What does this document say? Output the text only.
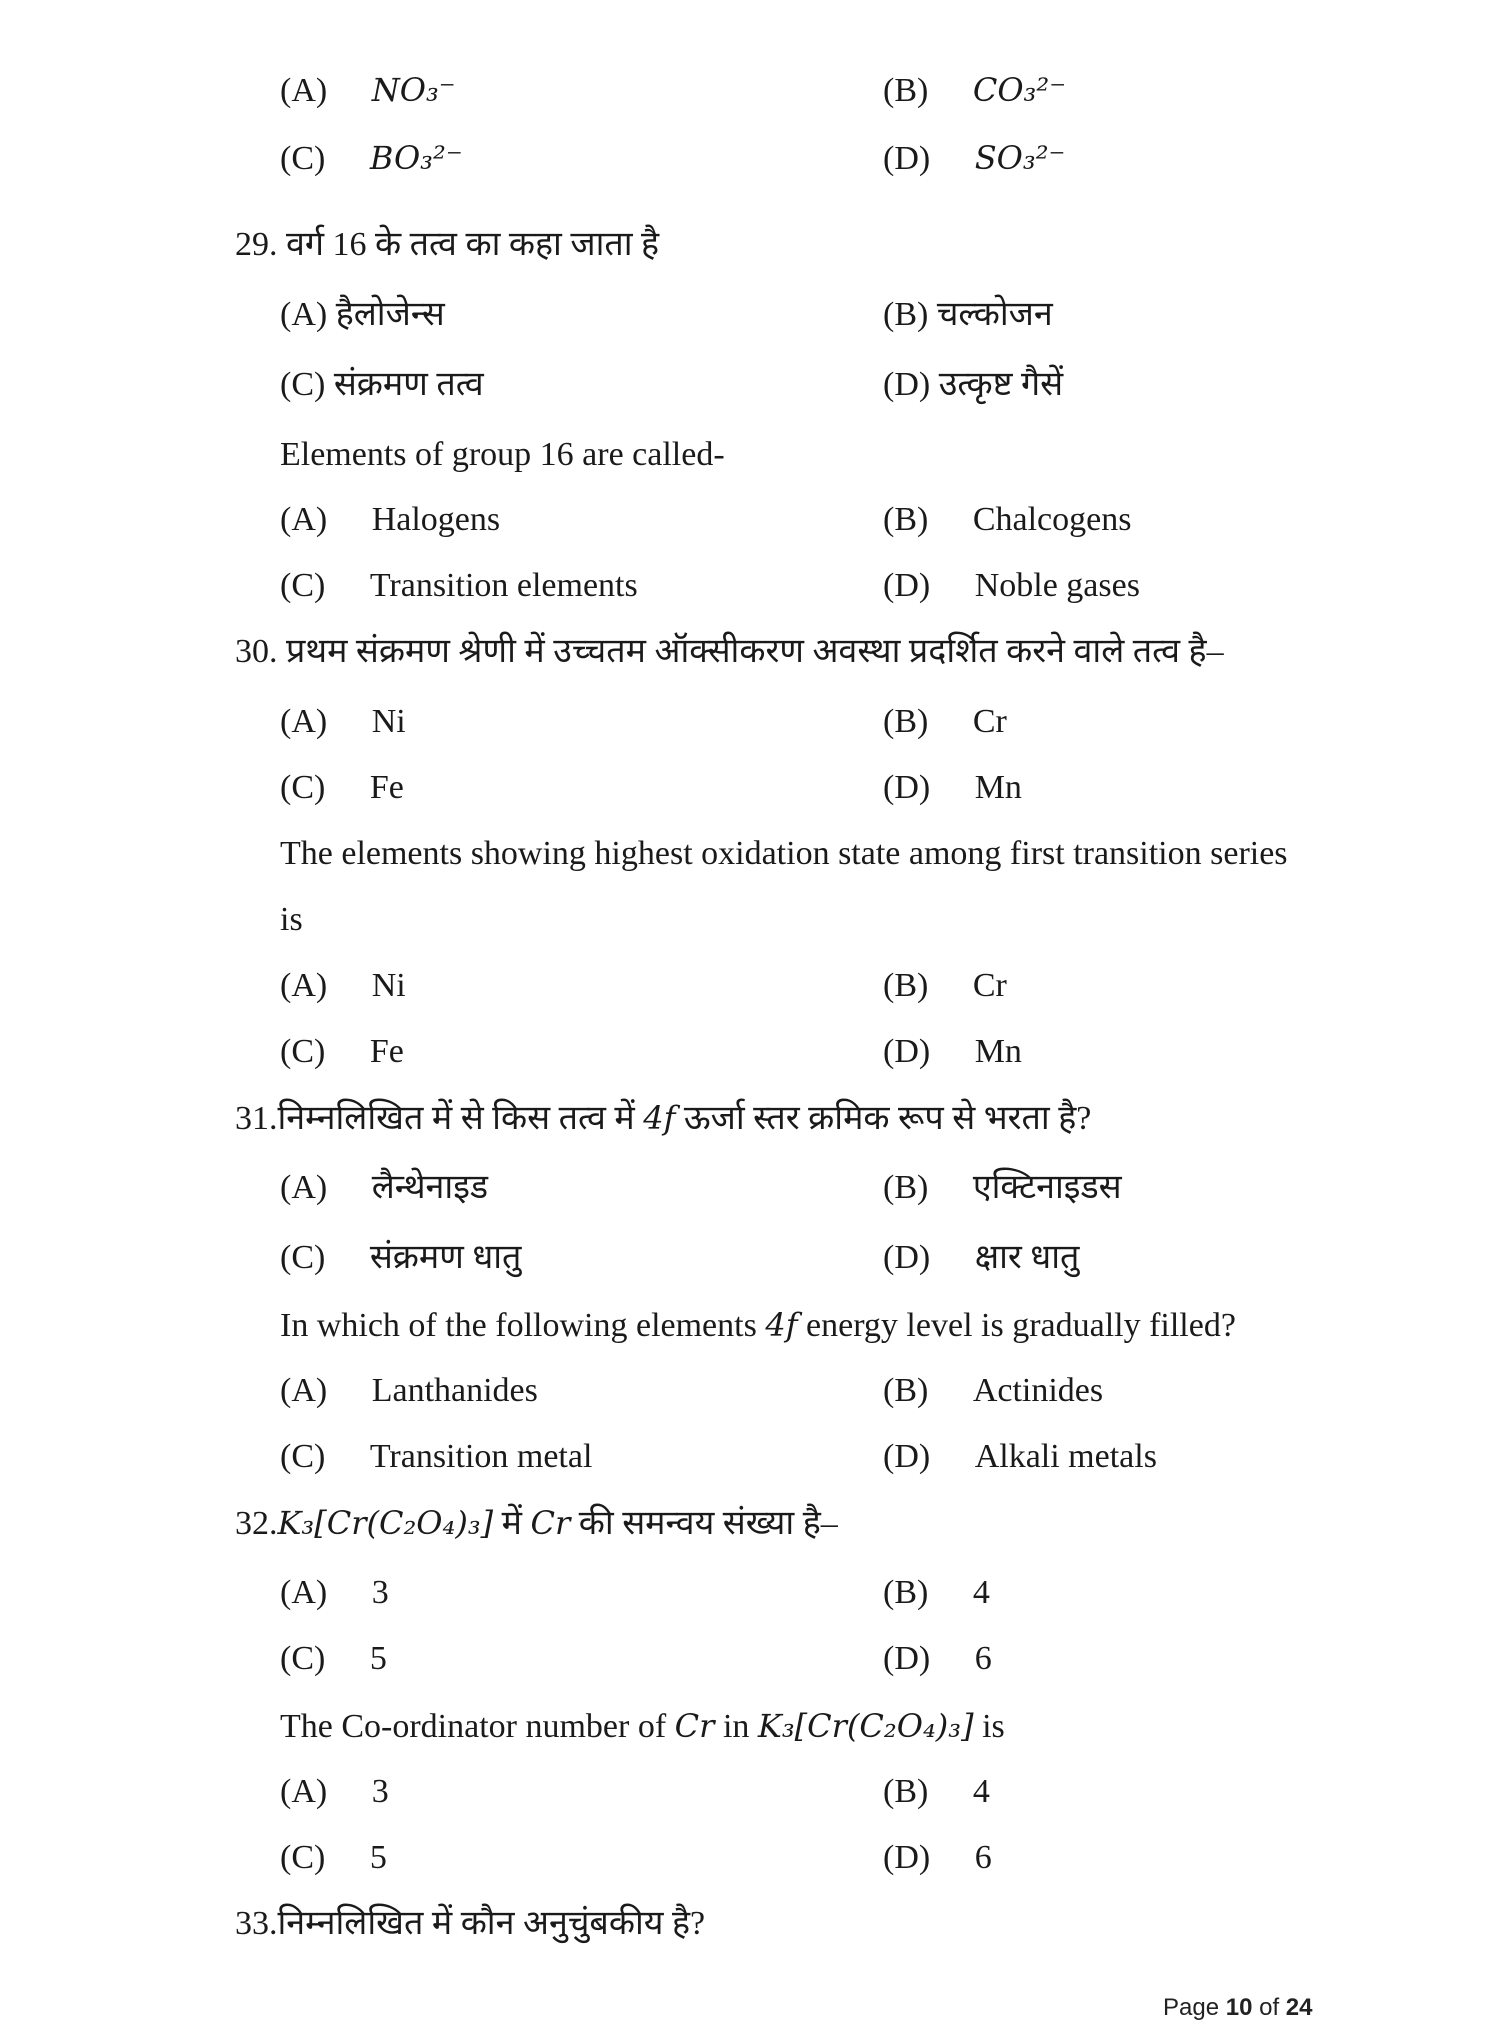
(A) NO₃⁻	(B) CO₃²⁻
(C) BO₃²⁻	(D) SO₃²⁻
29. वर्ग 16 के तत्व का कहा जाता है
(A) हैलोजेन्स	(B) चल्कोजन
(C) संक्रमण तत्व	(D) उत्कृष्ट गैसें
Elements of group 16 are called-
(A) Halogens	(B) Chalcogens
(C) Transition elements	(D) Noble gases
30. प्रथम संक्रमण श्रेणी में उच्चतम ऑक्सीकरण अवस्था प्रदर्शित करने वाले तत्व है–
(A) Ni	(B) Cr
(C) Fe	(D) Mn
The elements showing highest oxidation state among first transition series
is
(A) Ni	(B) Cr
(C) Fe	(D) Mn
31.निम्नलिखित में से किस तत्व में 4f ऊर्जा स्तर क्रमिक रूप से भरता है?
(A) लैन्थेनाइड	(B) एक्टिनाइडस
(C) संक्रमण धातु	(D) क्षार धातु
In which of the following elements 4f energy level is gradually filled?
(A) Lanthanides	(B) Actinides
(C) Transition metal	(D) Alkali metals
32.K₃[Cr(C₂O₄)₃] में Cr की समन्वय संख्या है–
(A) 3	(B) 4
(C) 5	(D) 6
The Co-ordinator number of Cr in K₃[Cr(C₂O₄)₃] is
(A) 3	(B) 4
(C) 5	(D) 6
33.निम्नलिखित में कौन अनुचुंबकीय है?
Page 10 of 24
